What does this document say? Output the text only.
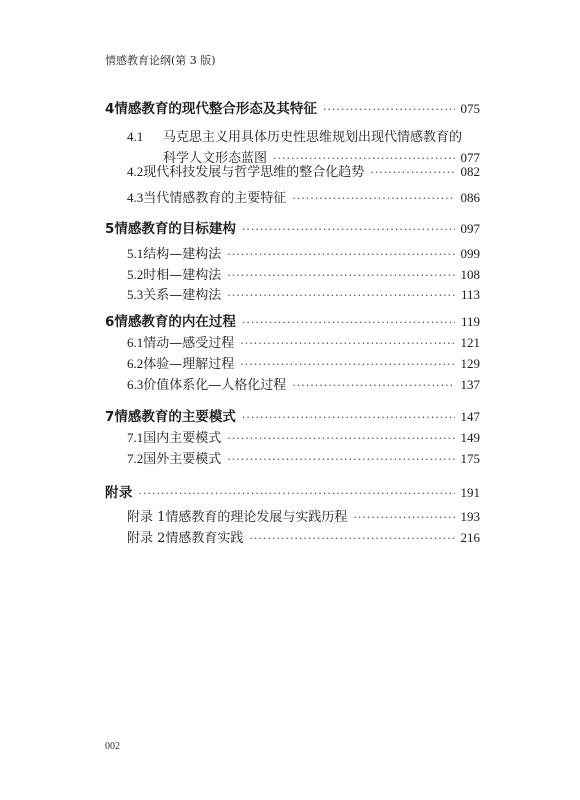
情感教育论纲(第 3 版)
4 情感教育的现代整合形态及其特征 ·····	075
4.1	马克思主义用具体历史性思维规划出现代情感教育的
科学人文形态蓝图 ·····	077
4.2 现代科技发展与哲学思维的整合化趋势 ·····	082
4.3 当代情感教育的主要特征 ·····	086
5 情感教育的目标建构 ·····	097
5.1 结构—建构法 ·····	099
5.2 时相—建构法 ·····	108
5.3 关系—建构法 ·····	113
6 情感教育的内在过程 ·····	119
6.1 情动—感受过程 ·····	121
6.2 体验—理解过程 ·····	129
6.3 价值体系化—人格化过程 ·····	137
7 情感教育的主要模式 ·····	147
7.1 国内主要模式 ·····	149
7.2 国外主要模式 ·····	175
附 录 ·····	191
附录 1 情感教育的理论发展与实践历程 ·····	193
附录 2 情感教育实践 ·····	216
002
